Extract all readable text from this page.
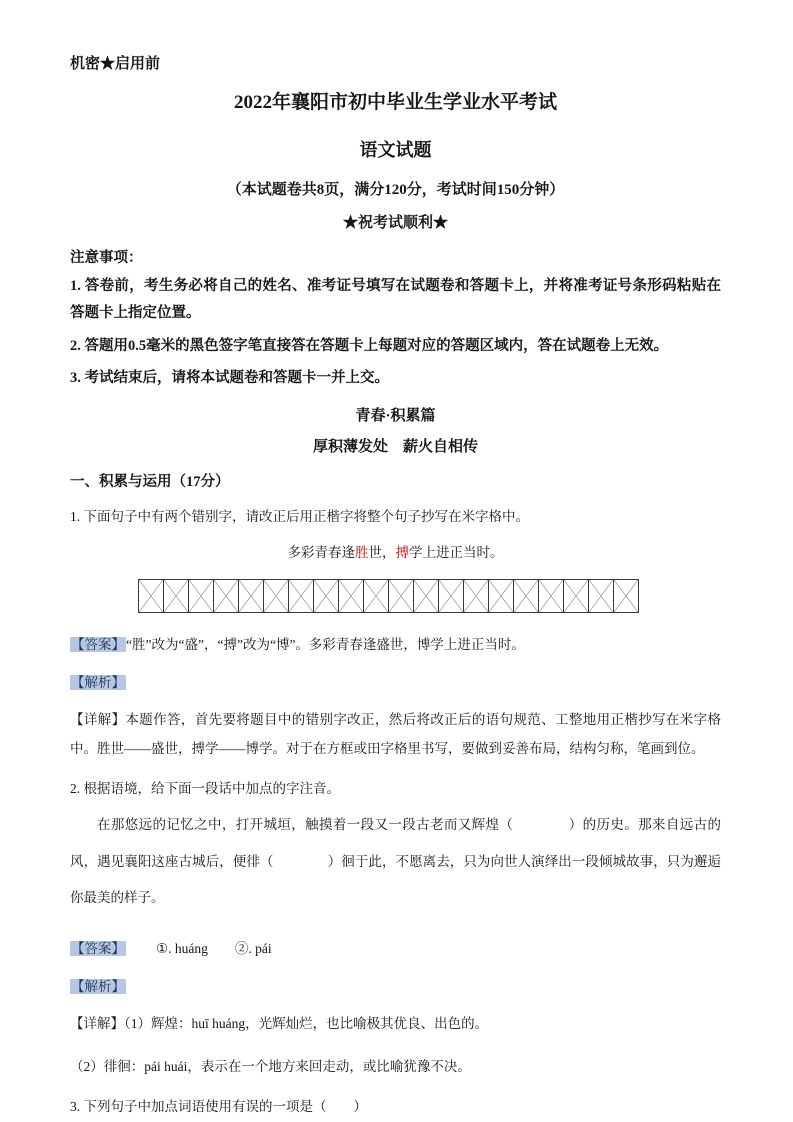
机密★启用前
2022年襄阳市初中毕业生学业水平考试
语文试题
（本试题卷共8页，满分120分，考试时间150分钟）
★祝考试顺利★
注意事项：
1. 答卷前，考生务必将自己的姓名、准考证号填写在试题卷和答题卡上，并将准考证号条形码粘贴在答题卡上指定位置。
2. 答题用0.5毫米的黑色签字笔直接答在答题卡上每题对应的答题区域内，答在试题卷上无效。
3. 考试结束后，请将本试题卷和答题卡一并上交。
青春·积累篇
厚积薄发处　薪火自相传
一、积累与运用（17分）
1. 下面句子中有两个错别字，请改正后用正楷字将整个句子抄写在米字格中。
多彩青春逢胜世，搏学上进正当时。
【答案】“胜”改为“盛”，“搏”改为“博”。多彩青春逢盛世，博学上进正当时。
【解析】
【详解】本题作答，首先要将题目中的错别字改正，然后将改正后的语句规范、工整地用正楷抄写在米字格中。胜世——盛世，搏学——博学。对于在方框或田字格里书写，要做到妥善布局，结构匀称，笔画到位。
2. 根据语境，给下面一段话中加点的字注音。
在那悠远的记忆之中，打开城垣，触摸着一段又一段古老而又辉煌（　　　　）的历史。那来自远古的风，遇见襄阳这座古城后，便徘（　　　　）徊于此，不愿离去，只为向世人演绎出一段倾城故事，只为邂逅你最美的样子。
【答案】 ①. huáng　　②. pái
【解析】
【详解】（1）辉煌：huī huáng，光辉灿烂，也比喻极其优良、出色的。
（2）徘徊：pái huái，表示在一个地方来回走动，或比喻犹豫不决。
3. 下列句子中加点词语使用有误的一项是（　　）
